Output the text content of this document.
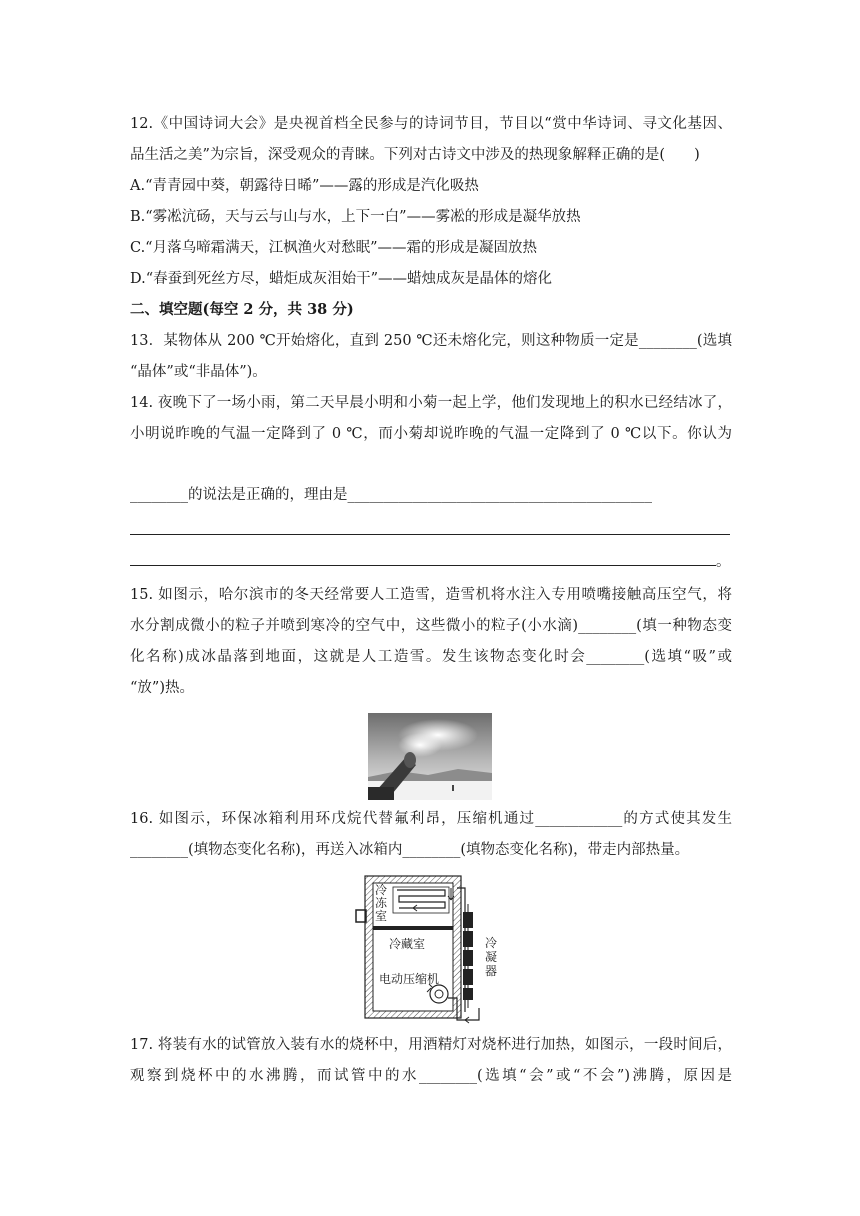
12.《中国诗词大会》是央视首档全民参与的诗词节目，节目以“赏中华诗词、寻文化基因、
品生活之美”为宗旨，深受观众的青睐。下列对古诗文中涉及的热现象解释正确的是(　　)
A.“青青园中葵，朝露待日晞”——露的形成是汽化吸热
B.“雾凇沆砀，天与云与山与水，上下一白”——雾凇的形成是凝华放热
C.“月落乌啼霜满天，江枫渔火对愁眠”——霜的形成是凝固放热
D.“春蚕到死丝方尽，蜡炬成灰泪始干”——蜡烛成灰是晶体的熔化
二、填空题(每空 2 分，共 38 分)
13．某物体从 200 ℃开始熔化，直到 250 ℃还未熔化完，则这种物质一定是________(选填
“晶体”或“非晶体”)。
14. 夜晚下了一场小雨，第二天早晨小明和小菊一起上学，他们发现地上的积水已经结冰了，
小明说昨晚的气温一定降到了 0 ℃，而小菊却说昨晚的气温一定降到了 0 ℃以下。你认为
________的说法是正确的，理由是__________________________________________
。
15. 如图示，哈尔滨市的冬天经常要人工造雪，造雪机将水注入专用喷嘴接触高压空气，将
水分割成微小的粒子并喷到寒冷的空气中，这些微小的粒子(小水滴)________(填一种物态变
化名称)成冰晶落到地面，这就是人工造雪。发生该物态变化时会________(选填“吸”或
“放”)热。
16. 如图示，环保冰箱利用环戊烷代替氟利昂，压缩机通过____________的方式使其发生
________(填物态变化名称)，再送入冰箱内________(填物态变化名称)，带走内部热量。
冷
冻
室
冷藏室
电动压缩机
冷
凝
器
17. 将装有水的试管放入装有水的烧杯中，用酒精灯对烧杯进行加热，如图示，一段时间后，
观察到烧杯中的水沸腾，而试管中的水________(选填“会”或“不会”)沸腾，原因是
